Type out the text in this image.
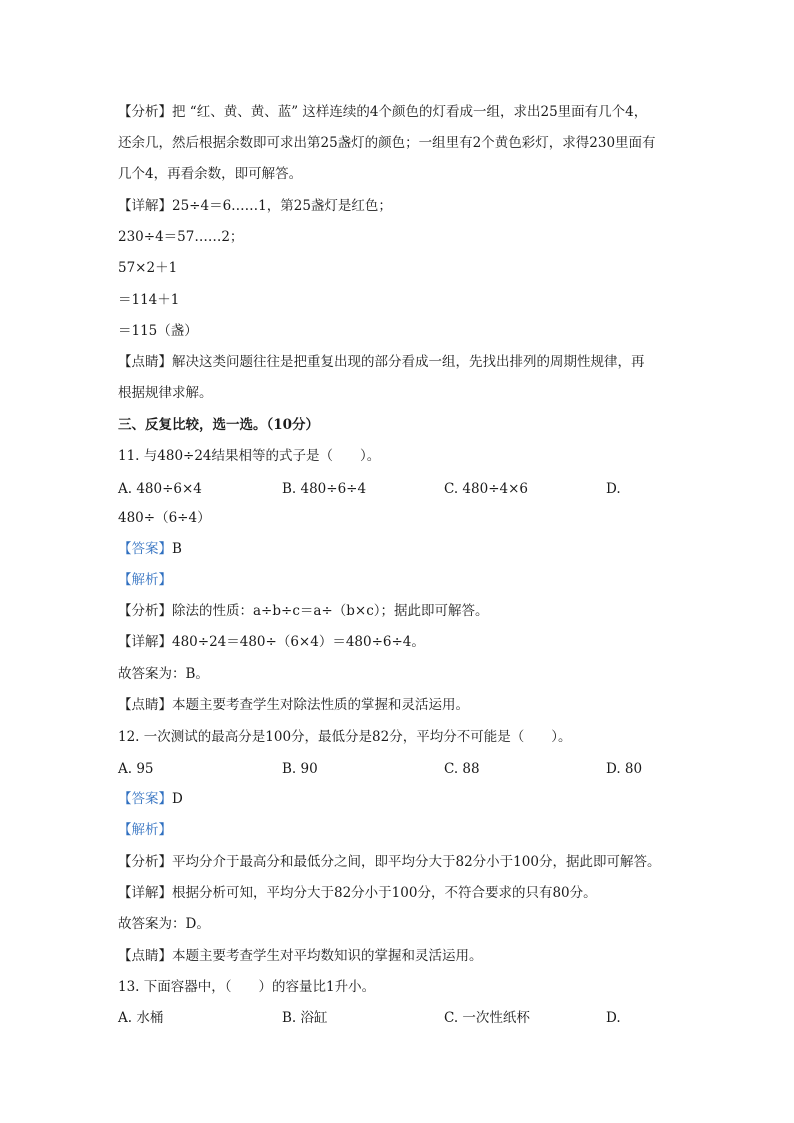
【分析】把 “红、黄、黄、蓝” 这样连续的4个颜色的灯看成一组，求出25里面有几个4，
还余几，然后根据余数即可求出第25盏灯的颜色；一组里有2个黄色彩灯，求得230里面有
几个4，再看余数，即可解答。
【详解】25÷4＝6……1，第25盏灯是红色；
230÷4＝57……2；
57×2＋1
＝114＋1
＝115（盏）
【点睛】解决这类问题往往是把重复出现的部分看成一组，先找出排列的周期性规律，再
根据规律求解。
三、反复比较，选一选。（10分）
11. 与480÷24结果相等的式子是（　　）。
A. 480÷6×4	B. 480÷6÷4	C. 480÷4×6	D.
480÷（6÷4）
【答案】B
【解析】
【分析】除法的性质：a÷b÷c＝a÷（b×c）；据此即可解答。
【详解】480÷24＝480÷（6×4）＝480÷6÷4。
故答案为：B。
【点睛】本题主要考查学生对除法性质的掌握和灵活运用。
12. 一次测试的最高分是100分，最低分是82分，平均分不可能是（　　）。
A. 95	B. 90	C. 88	D. 80
【答案】D
【解析】
【分析】平均分介于最高分和最低分之间，即平均分大于82分小于100分，据此即可解答。
【详解】根据分析可知，平均分大于82分小于100分，不符合要求的只有80分。
故答案为：D。
【点睛】本题主要考查学生对平均数知识的掌握和灵活运用。
13. 下面容器中，（　　）的容量比1升小。
A. 水桶	B. 浴缸	C. 一次性纸杯	D.
